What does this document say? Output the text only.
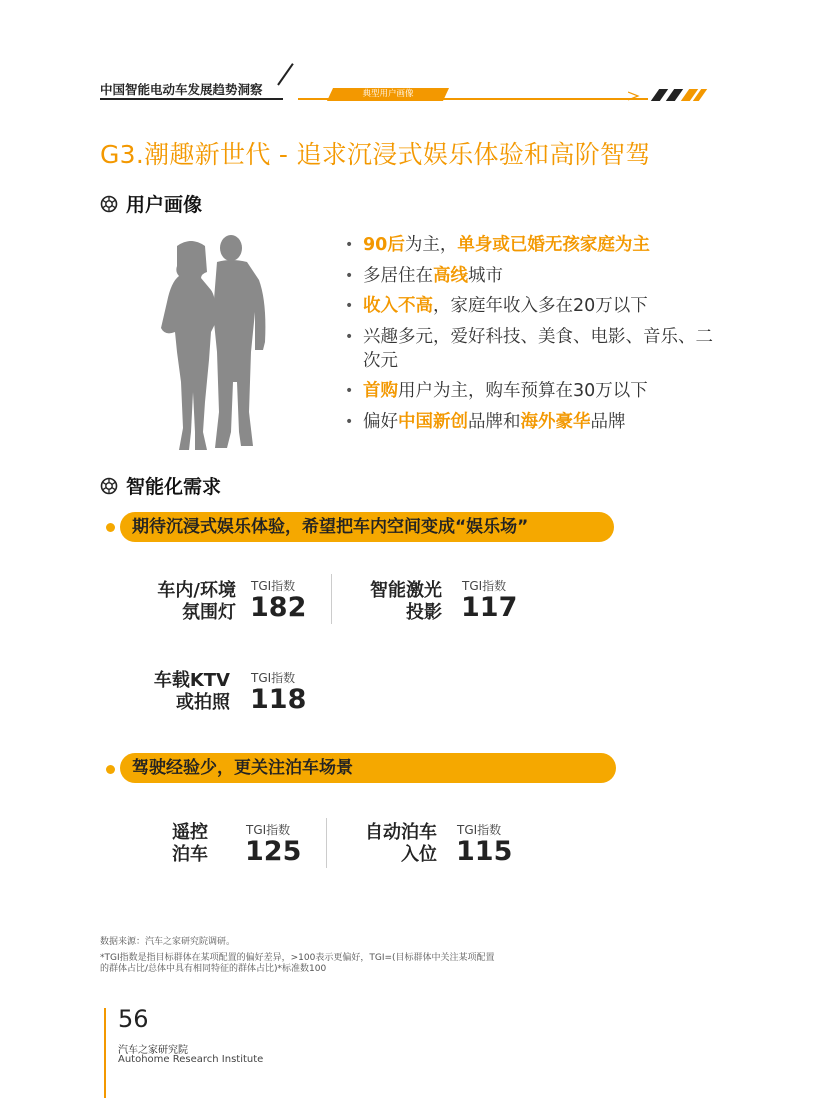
中国智能电动车发展趋势洞察	典型用户画像
G3.潮趣新世代 - 追求沉浸式娱乐体验和高阶智驾
用户画像
• 90后为主，单身或已婚无孩家庭为主
• 多居住在高线城市
• 收入不高，家庭年收入多在20万以下
• 兴趣多元，爱好科技、美食、电影、音乐、二次元
• 首购用户为主，购车预算在30万以下
• 偏好中国新创品牌和海外豪华品牌
智能化需求
期待沉浸式娱乐体验，希望把车内空间变成“娱乐场”
车内/环境
氛围灯
TGI指数
182
智能激光
投影
TGI指数
117
车载KTV
或拍照
TGI指数
118
驾驶经验少，更关注泊车场景
遥控
泊车
TGI指数
125
自动泊车
入位
TGI指数
115
数据来源：汽车之家研究院调研。
*TGI指数是指目标群体在某项配置的偏好差异，>100表示更偏好，TGI=(目标群体中关注某项配置
的群体占比/总体中具有相同特征的群体占比)*标准数100
56
汽车之家研究院
Autohome Research Institute
